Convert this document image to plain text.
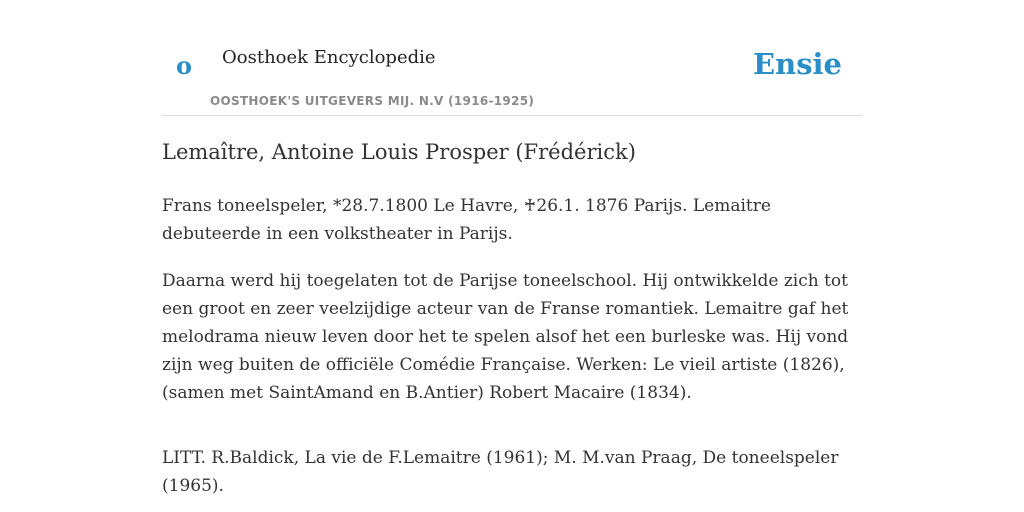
o Oosthoek Encyclopedie
OOSTHOEK'S UITGEVERS MIJ. N.V (1916-1925)
Ensie
Lemaître, Antoine Louis Prosper (Frédérick)

Frans toneelspeler, *28.7.1800 Le Havre, ♰26.1. 1876 Parijs. Lemaitre debuteerde in een volkstheater in Parijs.

Daarna werd hij toegelaten tot de Parijse toneelschool. Hij ontwikkelde zich tot een groot en zeer veelzijdige acteur van de Franse romantiek. Lemaitre gaf het melodrama nieuw leven door het te spelen alsof het een burleske was. Hij vond zijn weg buiten de officiële Comédie Française. Werken: Le vieil artiste (1826), (samen met SaintAmand en B.Antier) Robert Macaire (1834).

LITT. R.Baldick, La vie de F.Lemaitre (1961); M. M.van Praag, De toneelspeler (1965).
